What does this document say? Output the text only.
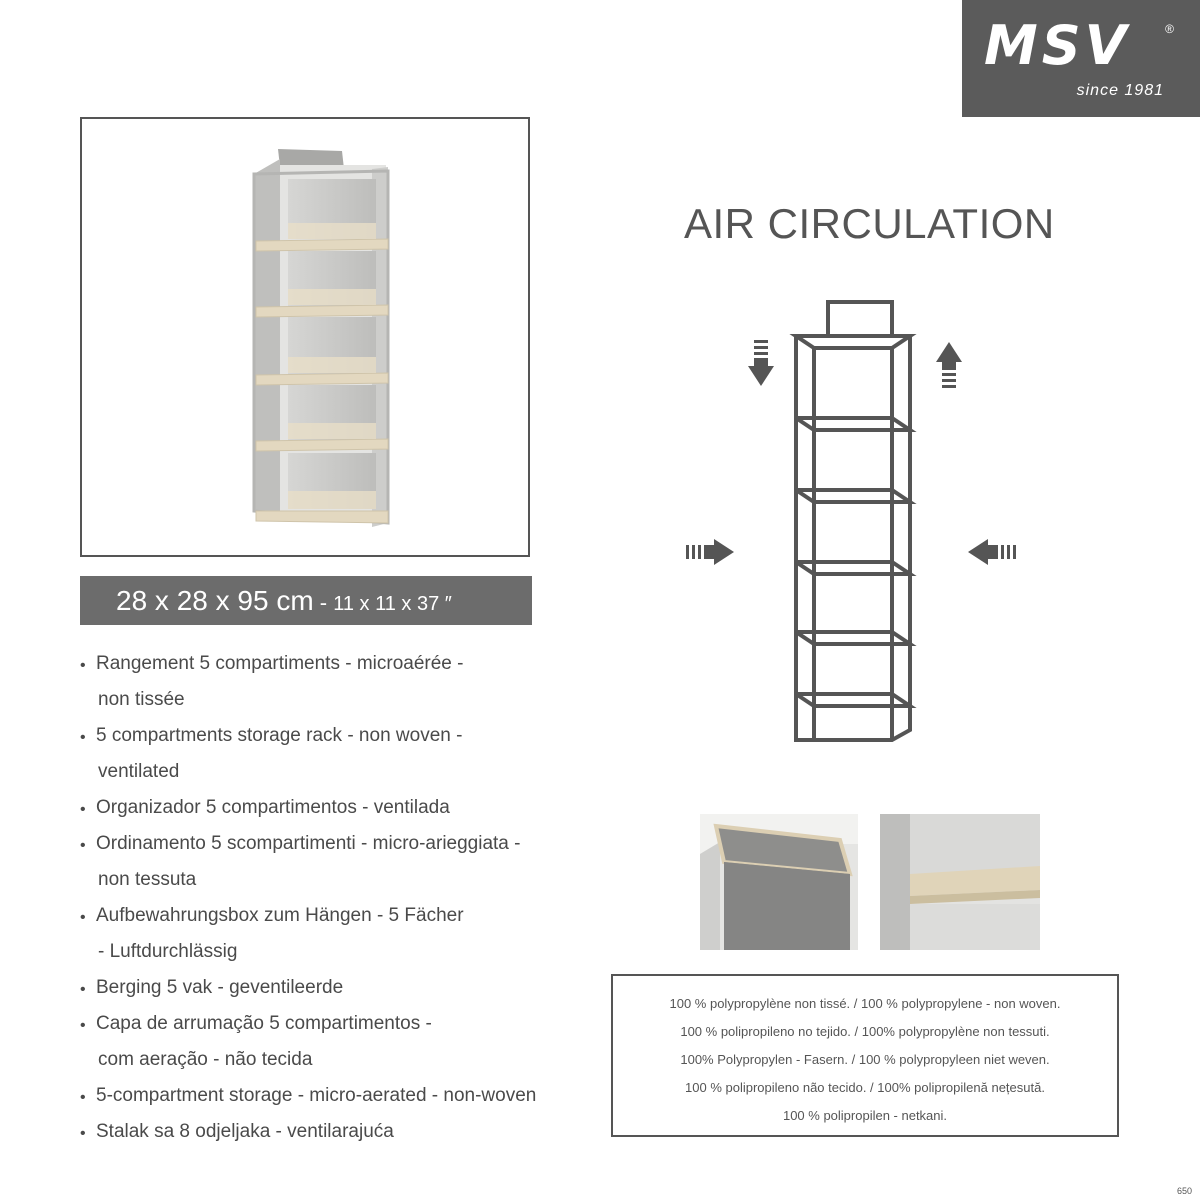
MSV	®
since 1981
28 x 28 x 95 cm - 11 x 11 x 37 ″
• Rangement 5 compartiments - microaérée -
non tissée
• 5 compartments storage rack - non woven -
ventilated
• Organizador 5 compartimentos - ventilada
• Ordinamento 5 scompartimenti - micro-arieggiata -
non tessuta
• Aufbewahrungsbox zum Hängen - 5 Fächer
- Luftdurchlässig
• Berging 5 vak - geventileerde
• Capa de arrumação 5 compartimentos -
com aeração - não tecida
• 5-compartment storage - micro-aerated - non-woven
• Stalak sa 8 odjeljaka - ventilarajuća
AIR CIRCULATION
100 % polypropylène non tissé. / 100 % polypropylene - non woven.
100 % polipropileno no tejido. / 100% polypropylène non tessuti.
100% Polypropylen - Fasern. / 100 % polypropyleen niet weven.
100 % polipropileno não tecido. / 100% polipropilenă nețesută.
100 % polipropilen - netkani.
650
